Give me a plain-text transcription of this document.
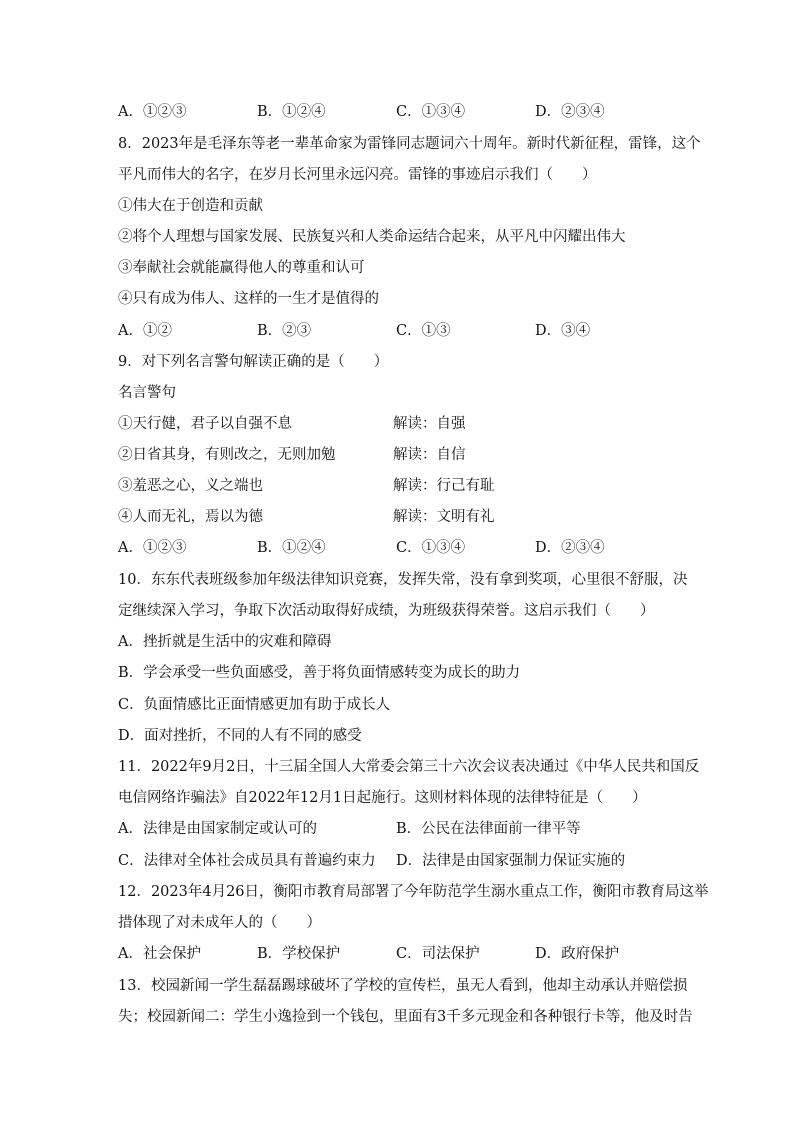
A．①②③	B．①②④	C．①③④	D．②③④
8．2023年是毛泽东等老一辈革命家为雷锋同志题词六十周年。新时代新征程，雷锋，这个
平凡而伟大的名字，在岁月长河里永远闪亮。雷锋的事迹启示我们（　　）
①伟大在于创造和贡献
②将个人理想与国家发展、民族复兴和人类命运结合起来，从平凡中闪耀出伟大
③奉献社会就能赢得他人的尊重和认可
④只有成为伟人、这样的一生才是值得的
A．①②	B．②③	C．①③	D．③④
9．对下列名言警句解读正确的是（　　）
名言警句
①天行健，君子以自强不息	解读：自强
②日省其身，有则改之，无则加勉	解读：自信
③羞恶之心，义之端也	解读：行己有耻
④人而无礼，焉以为德	解读：文明有礼
A．①②③	B．①②④	C．①③④	D．②③④
10．东东代表班级参加年级法律知识竞赛，发挥失常，没有拿到奖项，心里很不舒服，决
定继续深入学习，争取下次活动取得好成绩，为班级获得荣誉。这启示我们（　　）
A．挫折就是生活中的灾难和障碍
B．学会承受一些负面感受，善于将负面情感转变为成长的助力
C．负面情感比正面情感更加有助于成长人
D．面对挫折，不同的人有不同的感受
11．2022年9月2日，十三届全国人大常委会第三十六次会议表决通过《中华人民共和国反
电信网络诈骗法》自2022年12月1日起施行。这则材料体现的法律特征是（　　）
A．法律是由国家制定或认可的	B．公民在法律面前一律平等
C．法律对全体社会成员具有普遍约束力 D．法律是由国家强制力保证实施的
12．2023年4月26日，衡阳市教育局部署了今年防范学生溺水重点工作，衡阳市教育局这举
措体现了对未成年人的（　　）
A．社会保护	B．学校保护	C．司法保护	D．政府保护
13．校园新闻一学生磊磊踢球破坏了学校的宣传栏，虽无人看到，他却主动承认并赔偿损
失；校园新闻二：学生小逸捡到一个钱包，里面有3千多元现金和各种银行卡等，他及时告
